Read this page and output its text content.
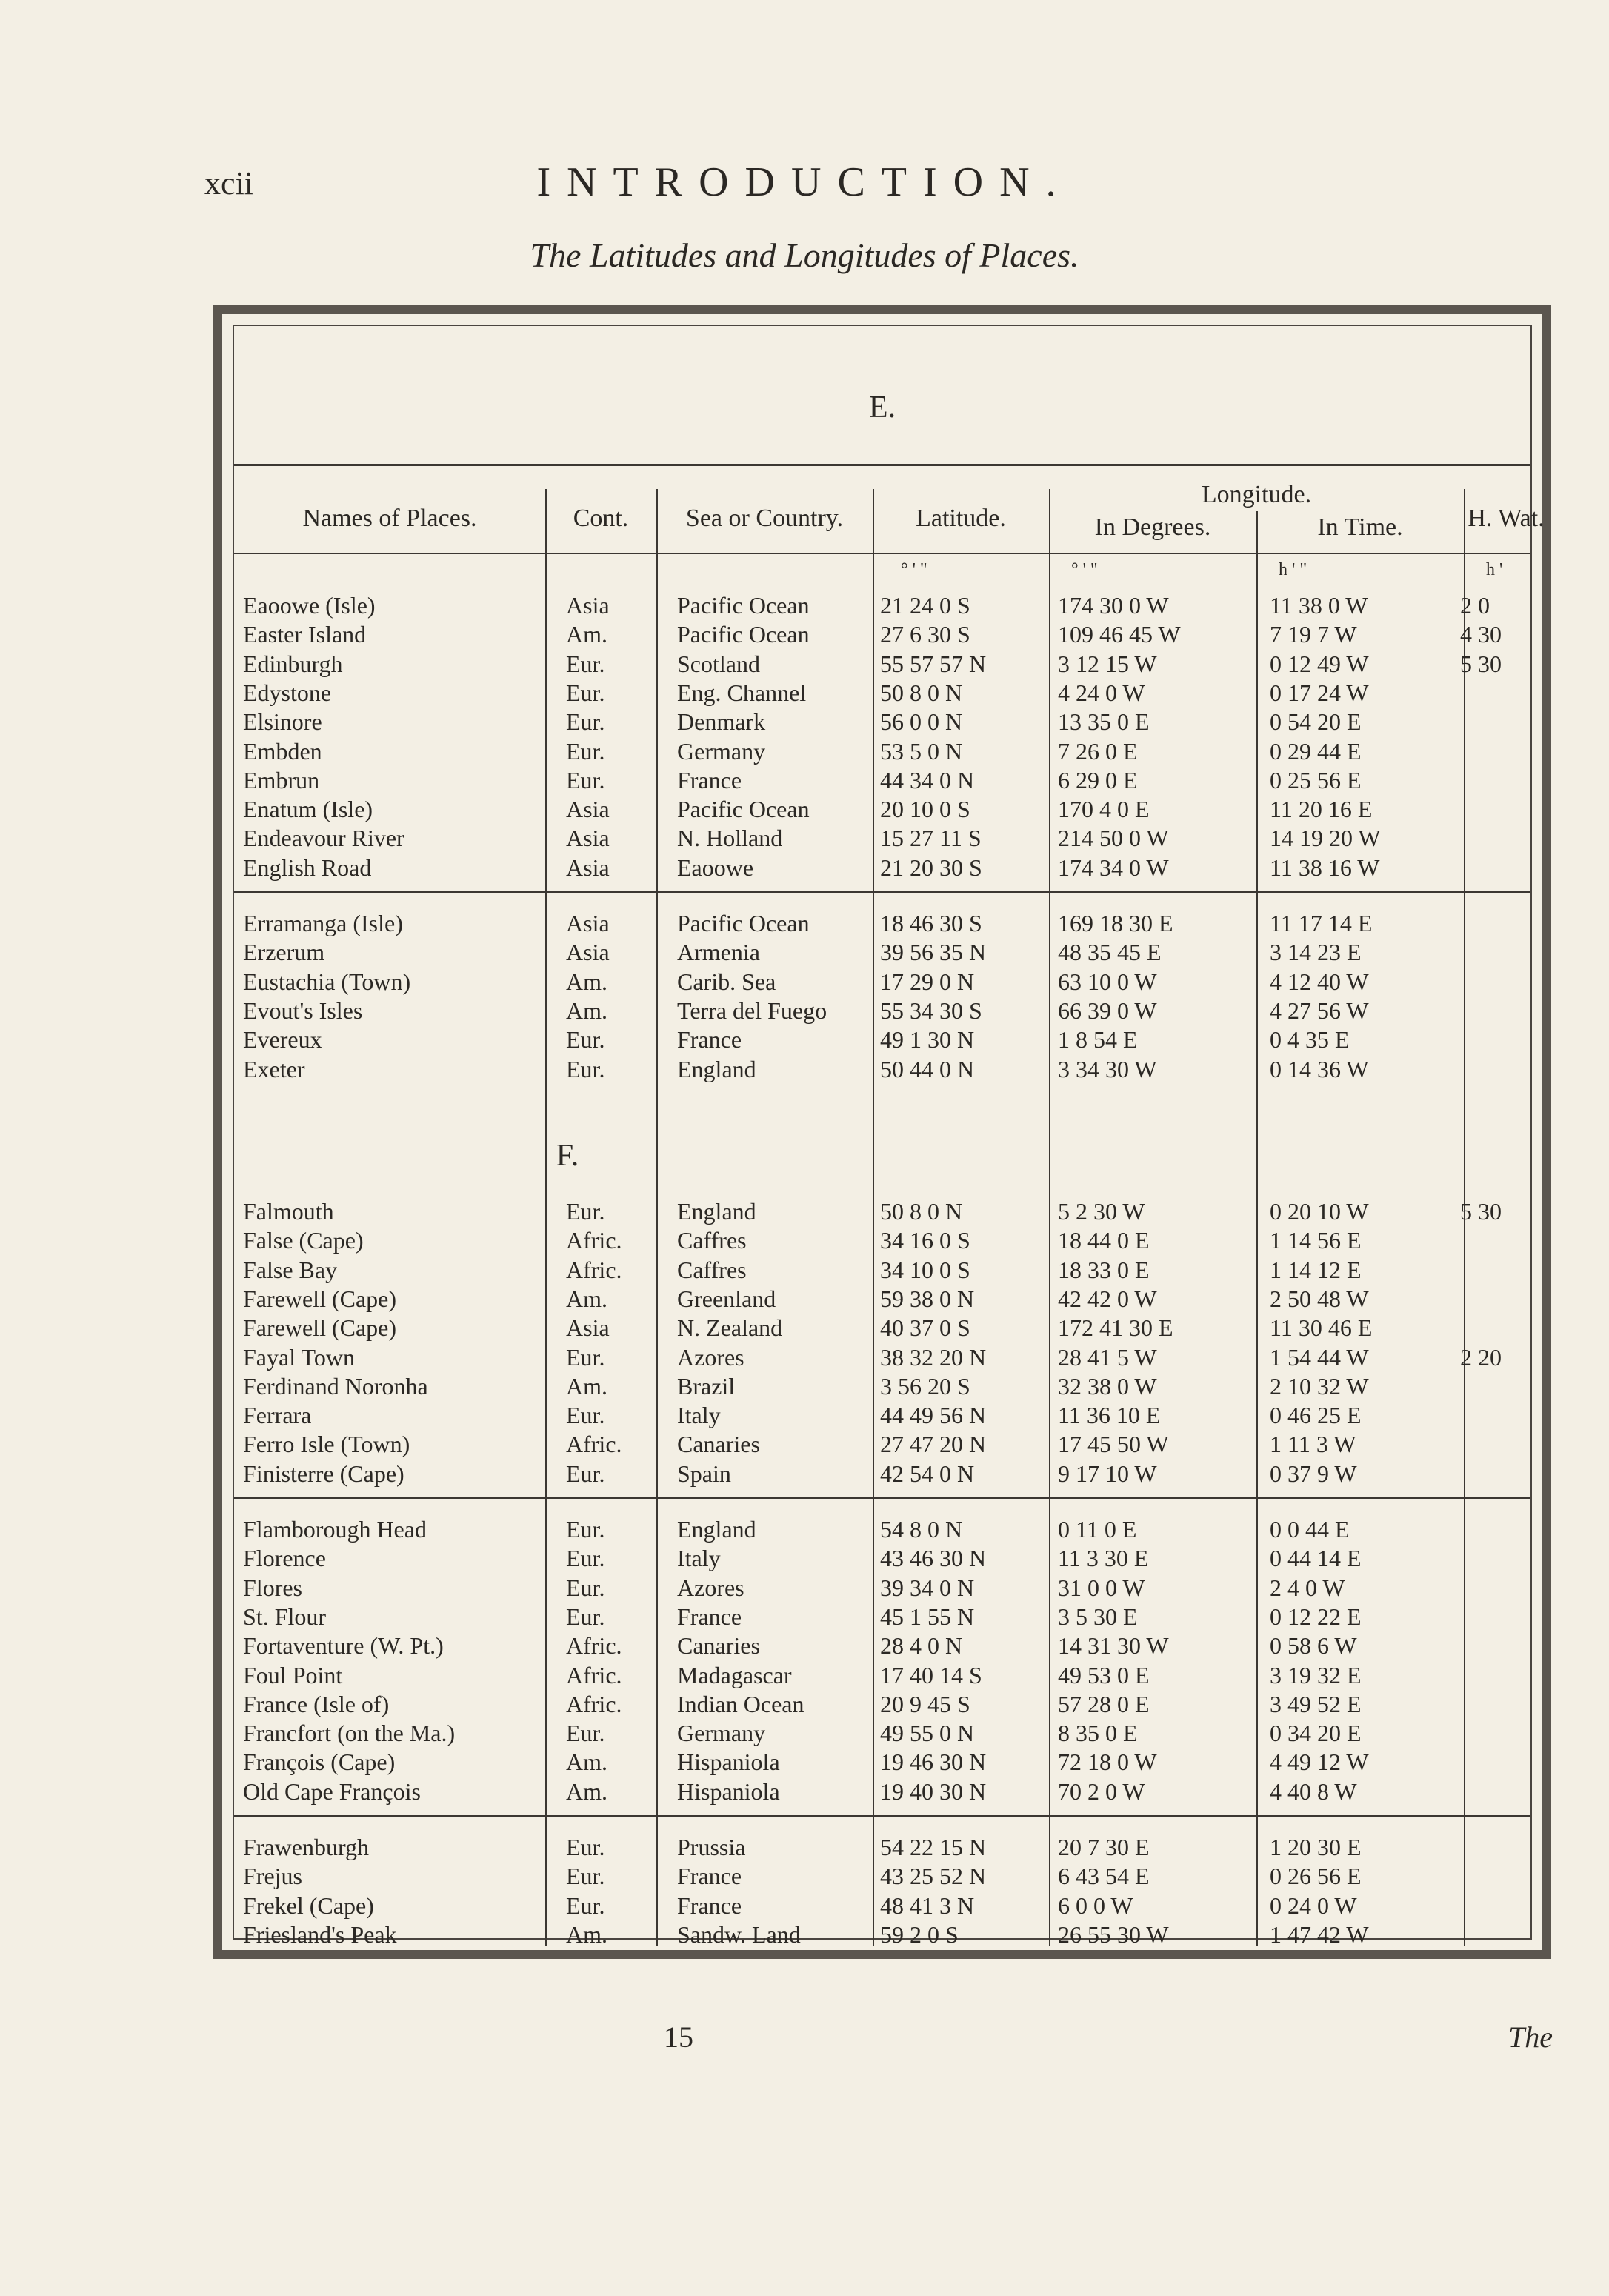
xcii	INTRODUCTION.
The Latitudes and Longitudes of Places.
E.
Names of Places.	Cont.	Sea or Country.	Latitude.
Longitude.
In Degrees.	In Time.	H. Wat.
° ' "	° ' "	h ' "	h '
F.
Eaoowe (Isle)	Asia	Pacific Ocean	21 24 0 S	174 30 0 W	11 38 0 W	2 0
Easter Island	Am.	Pacific Ocean	27 6 30 S	109 46 45 W	7 19 7 W	4 30
Edinburgh	Eur.	Scotland	55 57 57 N	3 12 15 W	0 12 49 W	5 30
Edystone	Eur.	Eng. Channel	50 8 0 N	4 24 0 W	0 17 24 W
Elsinore	Eur.	Denmark	56 0 0 N	13 35 0 E	0 54 20 E
Embden	Eur.	Germany	53 5 0 N	7 26 0 E	0 29 44 E
Embrun	Eur.	France	44 34 0 N	6 29 0 E	0 25 56 E
Enatum (Isle)	Asia	Pacific Ocean	20 10 0 S	170 4 0 E	11 20 16 E
Endeavour River	Asia	N. Holland	15 27 11 S	214 50 0 W	14 19 20 W
English Road	Asia	Eaoowe	21 20 30 S	174 34 0 W	11 38 16 W
Erramanga (Isle)	Asia	Pacific Ocean	18 46 30 S	169 18 30 E	11 17 14 E
Erzerum	Asia	Armenia	39 56 35 N	48 35 45 E	3 14 23 E
Eustachia (Town)	Am.	Carib. Sea	17 29 0 N	63 10 0 W	4 12 40 W
Evout's Isles	Am.	Terra del Fuego 55 34 30 S	66 39 0 W	4 27 56 W
Evereux	Eur.	France	49 1 30 N	1 8 54 E	0 4 35 E
Exeter	Eur.	England	50 44 0 N	3 34 30 W	0 14 36 W
Falmouth	Eur.	England	50 8 0 N	5 2 30 W	0 20 10 W	5 30
False (Cape)	Afric. Caffres	34 16 0 S	18 44 0 E	1 14 56 E
False Bay	Afric. Caffres	34 10 0 S	18 33 0 E	1 14 12 E
Farewell (Cape)	Am.	Greenland	59 38 0 N	42 42 0 W	2 50 48 W
Farewell (Cape)	Asia	N. Zealand	40 37 0 S	172 41 30 E	11 30 46 E
Fayal Town	Eur.	Azores	38 32 20 N	28 41 5 W	1 54 44 W	2 20
Ferdinand Noronha	Am.	Brazil	3 56 20 S	32 38 0 W	2 10 32 W
Ferrara	Eur.	Italy	44 49 56 N	11 36 10 E	0 46 25 E
Ferro Isle (Town)	Afric. Canaries	27 47 20 N	17 45 50 W	1 11 3 W
Finisterre (Cape)	Eur.	Spain	42 54 0 N	9 17 10 W	0 37 9 W
Flamborough Head	Eur.	England	54 8 0 N	0 11 0 E	0 0 44 E
Florence	Eur.	Italy	43 46 30 N	11 3 30 E	0 44 14 E
Flores	Eur.	Azores	39 34 0 N	31 0 0 W	2 4 0 W
St. Flour	Eur.	France	45 1 55 N	3 5 30 E	0 12 22 E
Fortaventure (W. Pt.)	Afric. Canaries	28 4 0 N	14 31 30 W	0 58 6 W
Foul Point	Afric. Madagascar	17 40 14 S	49 53 0 E	3 19 32 E
France (Isle of)	Afric. Indian Ocean	20 9 45 S	57 28 0 E	3 49 52 E
Francfort (on the Ma.)	Eur.	Germany	49 55 0 N	8 35 0 E	0 34 20 E
François (Cape)	Am.	Hispaniola	19 46 30 N	72 18 0 W	4 49 12 W
Old Cape François	Am.	Hispaniola	19 40 30 N	70 2 0 W	4 40 8 W
Frawenburgh	Eur.	Prussia	54 22 15 N	20 7 30 E	1 20 30 E
Frejus	Eur.	France	43 25 52 N	6 43 54 E	0 26 56 E
Frekel (Cape)	Eur.	France	48 41 3 N	6 0 0 W	0 24 0 W
Friesland's Peak	Am.	Sandw. Land	59 2 0 S	26 55 30 W	1 47 42 W
15	The
